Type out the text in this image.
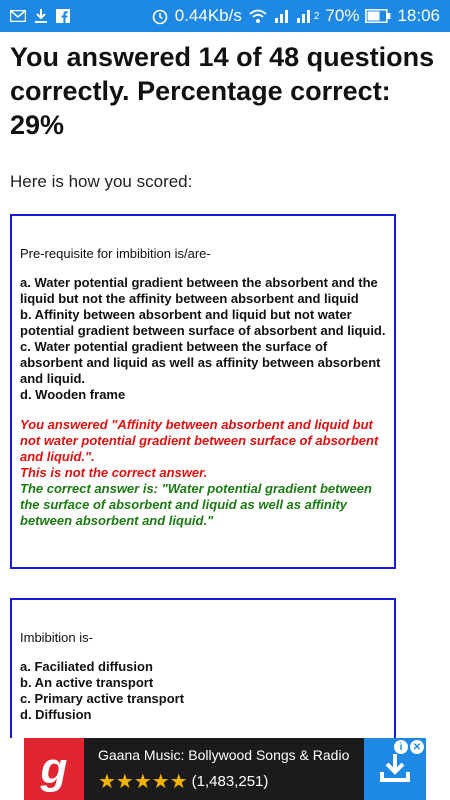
0.44Kb/s	2 70% 18:06
You answered 14 of 48 questions correctly. Percentage correct: 29%
Here is how you scored:
Pre-requisite for imbibition is/are-
a. Water potential gradient between the absorbent and the liquid but not the affinity between absorbent and liquid
b. Affinity between absorbent and liquid but not water potential gradient between surface of absorbent and liquid.
c. Water potential gradient between the surface of absorbent and liquid as well as affinity between absorbent and liquid.
d. Wooden frame
You answered "Affinity between absorbent and liquid but not water potential gradient between surface of absorbent and liquid.".
This is not the correct answer.
The correct answer is: "Water potential gradient between the surface of absorbent and liquid as well as affinity between absorbent and liquid."
Imbibition is-
a. Faciliated diffusion
b. An active transport
c. Primary active transport
d. Diffusion
g	Gaana Music: Bollywood Songs & Radio
★★★★★ (1,483,251)
i	✕
